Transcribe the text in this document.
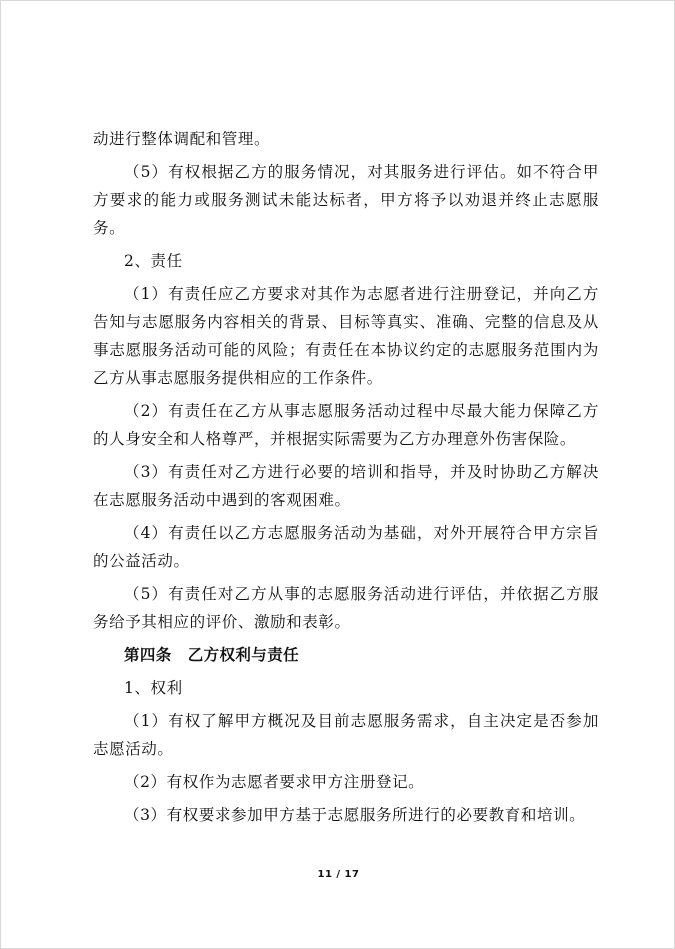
动进行整体调配和管理。

（5）有权根据乙方的服务情况，对其服务进行评估。如不符合甲方要求的能力或服务测试未能达标者，甲方将予以劝退并终止志愿服务。

2、责任

（1）有责任应乙方要求对其作为志愿者进行注册登记，并向乙方告知与志愿服务内容相关的背景、目标等真实、准确、完整的信息及从事志愿服务活动可能的风险；有责任在本协议约定的志愿服务范围内为乙方从事志愿服务提供相应的工作条件。

（2）有责任在乙方从事志愿服务活动过程中尽最大能力保障乙方的人身安全和人格尊严，并根据实际需要为乙方办理意外伤害保险。

（3）有责任对乙方进行必要的培训和指导，并及时协助乙方解决在志愿服务活动中遇到的客观困难。

（4）有责任以乙方志愿服务活动为基础，对外开展符合甲方宗旨的公益活动。

（5）有责任对乙方从事的志愿服务活动进行评估，并依据乙方服务给予其相应的评价、激励和表彰。

第四条 乙方权利与责任

1、权利

（1）有权了解甲方概况及目前志愿服务需求，自主决定是否参加志愿活动。

（2）有权作为志愿者要求甲方注册登记。

（3）有权要求参加甲方基于志愿服务所进行的必要教育和培训。

11 / 17
